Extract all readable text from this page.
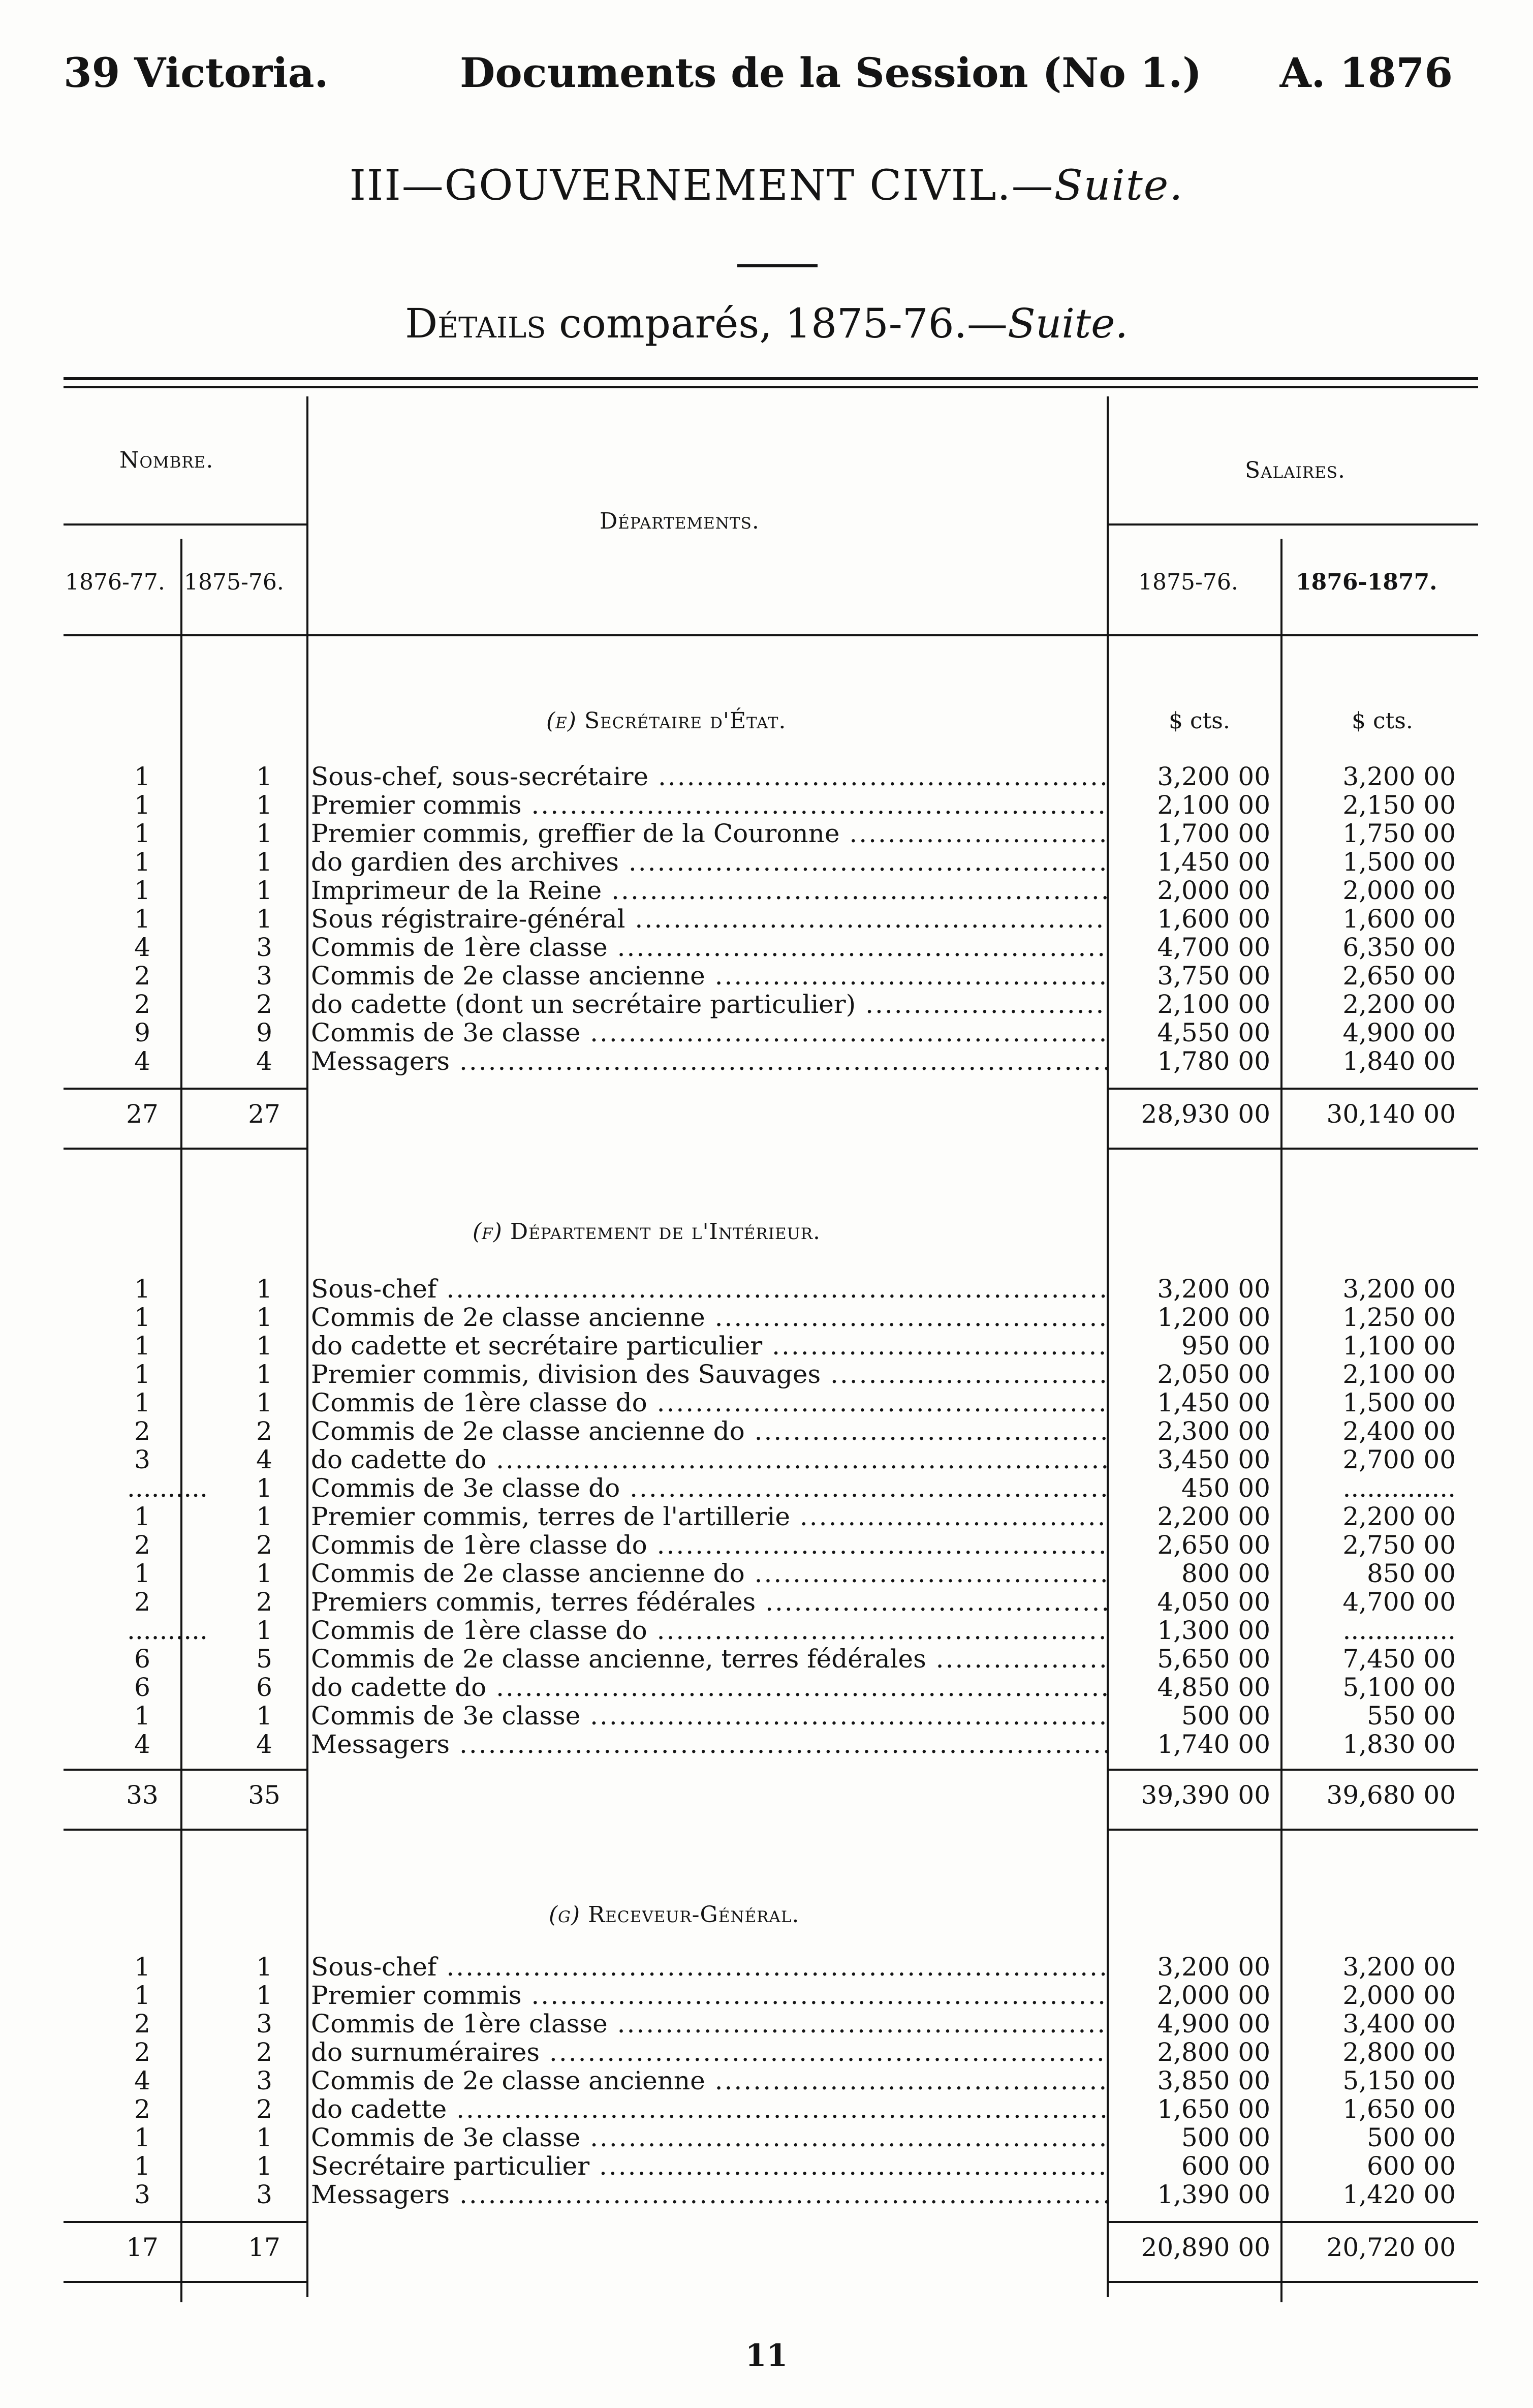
39 Victoria.	Documents de la Session (No 1.) A. 1876
III—GOUVERNEMENT CIVIL.—Suite.
Détails comparés, 1875-76.—Suite.
Nombre.
Départements.
Salaires.
1876-77. 1875-76.	1875-76.	1876-1877.
(e) Secrétaire d'État.	$ cts.	$ cts.
1	1 Sous-chef, sous-secrétaire .....	3,200 00	3,200 00
1	1 Premier commis .....	2,100 00	2,150 00
1	1 Premier commis, greffier de la Couronne .....	1,700 00	1,750 00
1	1 do gardien des archives .....	1,450 00	1,500 00
1	1 Imprimeur de la Reine .....	2,000 00	2,000 00
1	1 Sous régistraire-général .....	1,600 00	1,600 00
4	3 Commis de 1ère classe .....	4,700 00	6,350 00
2	3 Commis de 2e classe ancienne .....	3,750 00	2,650 00
2	2 do cadette (dont un secrétaire particulier) .....	2,100 00	2,200 00
9	9 Commis de 3e classe .....	4,550 00	4,900 00
4	4 Messagers .....	1,780 00	1,840 00
27	27	28,930 00	30,140 00
(f) Département de l'Intérieur.
1	1 Sous-chef .....	3,200 00	3,200 00
1	1 Commis de 2e classe ancienne .....	1,200 00	1,250 00
1	1 do cadette et secrétaire particulier .....	950 00	1,100 00
1	1 Premier commis, division des Sauvages .....	2,050 00	2,100 00
1	1 Commis de 1ère classe do .....	1,450 00	1,500 00
2	2 Commis de 2e classe ancienne do .....	2,300 00	2,400 00
3	4 do cadette do .....	3,450 00	2,700 00
.......... 1 Commis de 3e classe do .....	450 00	..............
1	1 Premier commis, terres de l'artillerie .....	2,200 00	2,200 00
2	2 Commis de 1ère classe do .....	2,650 00	2,750 00
1	1 Commis de 2e classe ancienne do .....	800 00	850 00
2	2 Premiers commis, terres fédérales .....	4,050 00	4,700 00
.......... 1 Commis de 1ère classe do .....	1,300 00	..............
6	5 Commis de 2e classe ancienne, terres fédérales .....	5,650 00	7,450 00
6	6 do cadette do .....	4,850 00	5,100 00
1	1 Commis de 3e classe .....	500 00	550 00
4	4 Messagers .....	1,740 00	1,830 00
33	35	39,390 00	39,680 00
(g) Receveur-Général.
1	1 Sous-chef .....	3,200 00	3,200 00
1	1 Premier commis .....	2,000 00	2,000 00
2	3 Commis de 1ère classe .....	4,900 00	3,400 00
2	2 do surnuméraires .....	2,800 00	2,800 00
4	3 Commis de 2e classe ancienne .....	3,850 00	5,150 00
2	2 do cadette .....	1,650 00	1,650 00
1	1 Commis de 3e classe .....	500 00	500 00
1	1 Secrétaire particulier .....	600 00	600 00
3	3 Messagers .....	1,390 00	1,420 00
17	17	20,890 00	20,720 00
11
